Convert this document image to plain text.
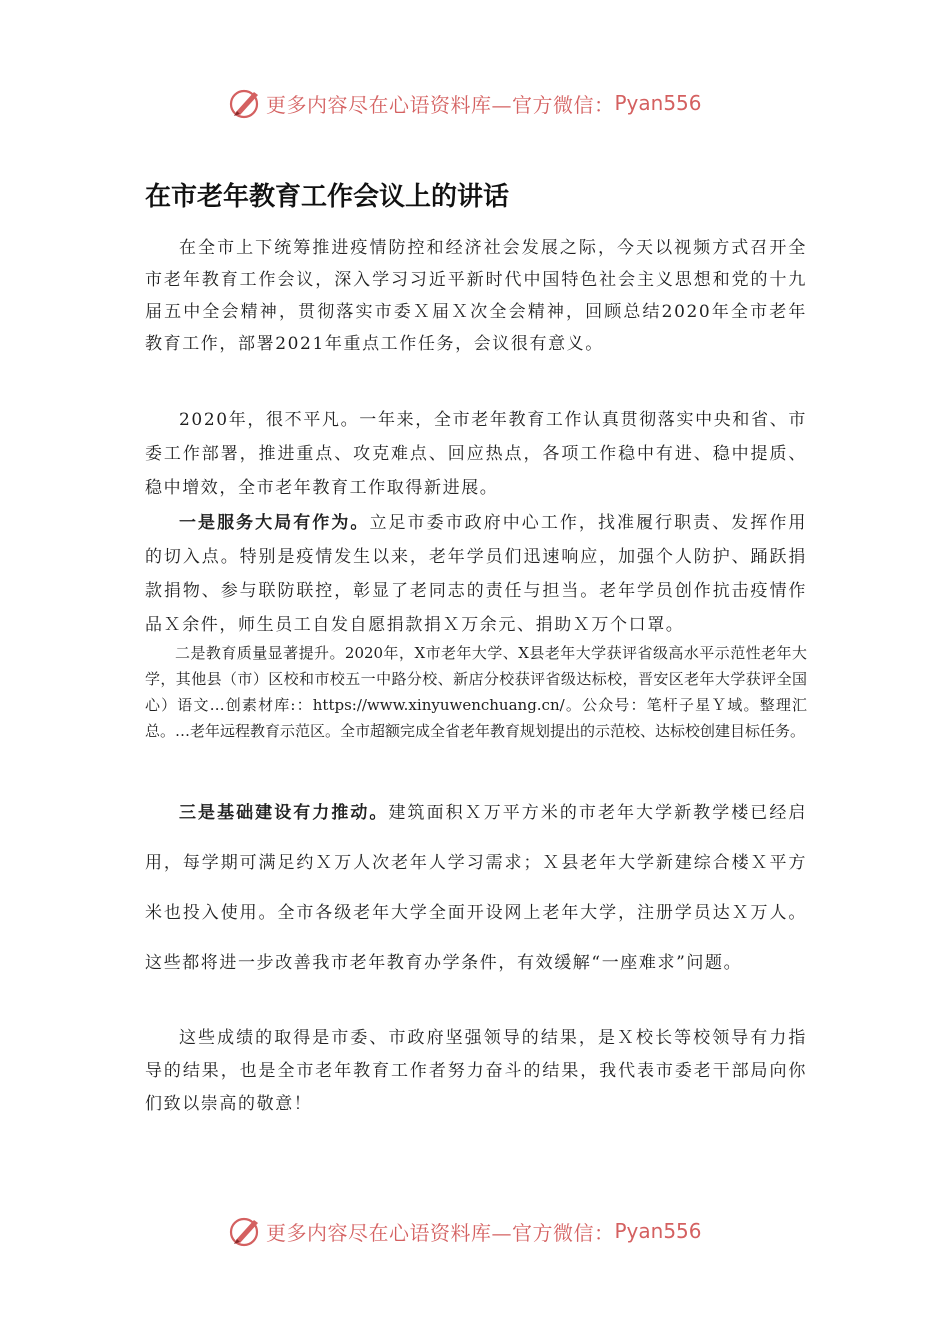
更多内容尽在心语资料库—官方微信： Pyan556
在市老年教育工作会议上的讲话

在全市上下统筹推进疫情防控和经济社会发展之际，今天以视频方式召开全市老年教育工作会议，深入学习习近平新时代中国特色社会主义思想和党的十九届五中全会精神，贯彻落实市委Ｘ届Ｘ次全会精神，回顾总结2020年全市老年教育工作，部署2021年重点工作任务，会议很有意义。

2020年，很不平凡。一年来，全市老年教育工作认真贯彻落实中央和省、市委工作部署，推进重点、攻克难点、回应热点，各项工作稳中有进、稳中提质、稳中增效，全市老年教育工作取得新进展。

一是服务大局有作为。立足市委市政府中心工作，找准履行职责、发挥作用的切入点。特别是疫情发生以来，老年学员们迅速响应，加强个人防护、踊跃捐款捐物、参与联防联控，彰显了老同志的责任与担当。老年学员创作抗击疫情作品Ｘ余件，师生员工自发自愿捐款捐Ｘ万余元、捐助Ｘ万个口罩。

二是教育质量显著提升。2020年，X市老年大学、X县老年大学获评省级高水平示范性老年大学，其他县（市）区校和市校五一中路分校、新店分校获评省级达标校，晋安区老年大学获评全国心）语文…创素材库:：https://www.xinyuwenchuang.cn/。公众号：笔杆子星Ｙ域。整理汇总。…老年远程教育示范区。全市超额完成全省老年教育规划提出的示范校、达标校创建目标任务。

三是基础建设有力推动。建筑面积Ｘ万平方米的市老年大学新教学楼已经启用，每学期可满足约Ｘ万人次老年人学习需求；Ｘ县老年大学新建综合楼Ｘ平方米也投入使用。全市各级老年大学全面开设网上老年大学，注册学员达Ｘ万人。这些都将进一步改善我市老年教育办学条件，有效缓解“一座难求”问题。

这些成绩的取得是市委、市政府坚强领导的结果，是Ｘ校长等校领导有力指导的结果，也是全市老年教育工作者努力奋斗的结果，我代表市委老干部局向你们致以崇高的敬意！

更多内容尽在心语资料库—官方微信： Pyan556
